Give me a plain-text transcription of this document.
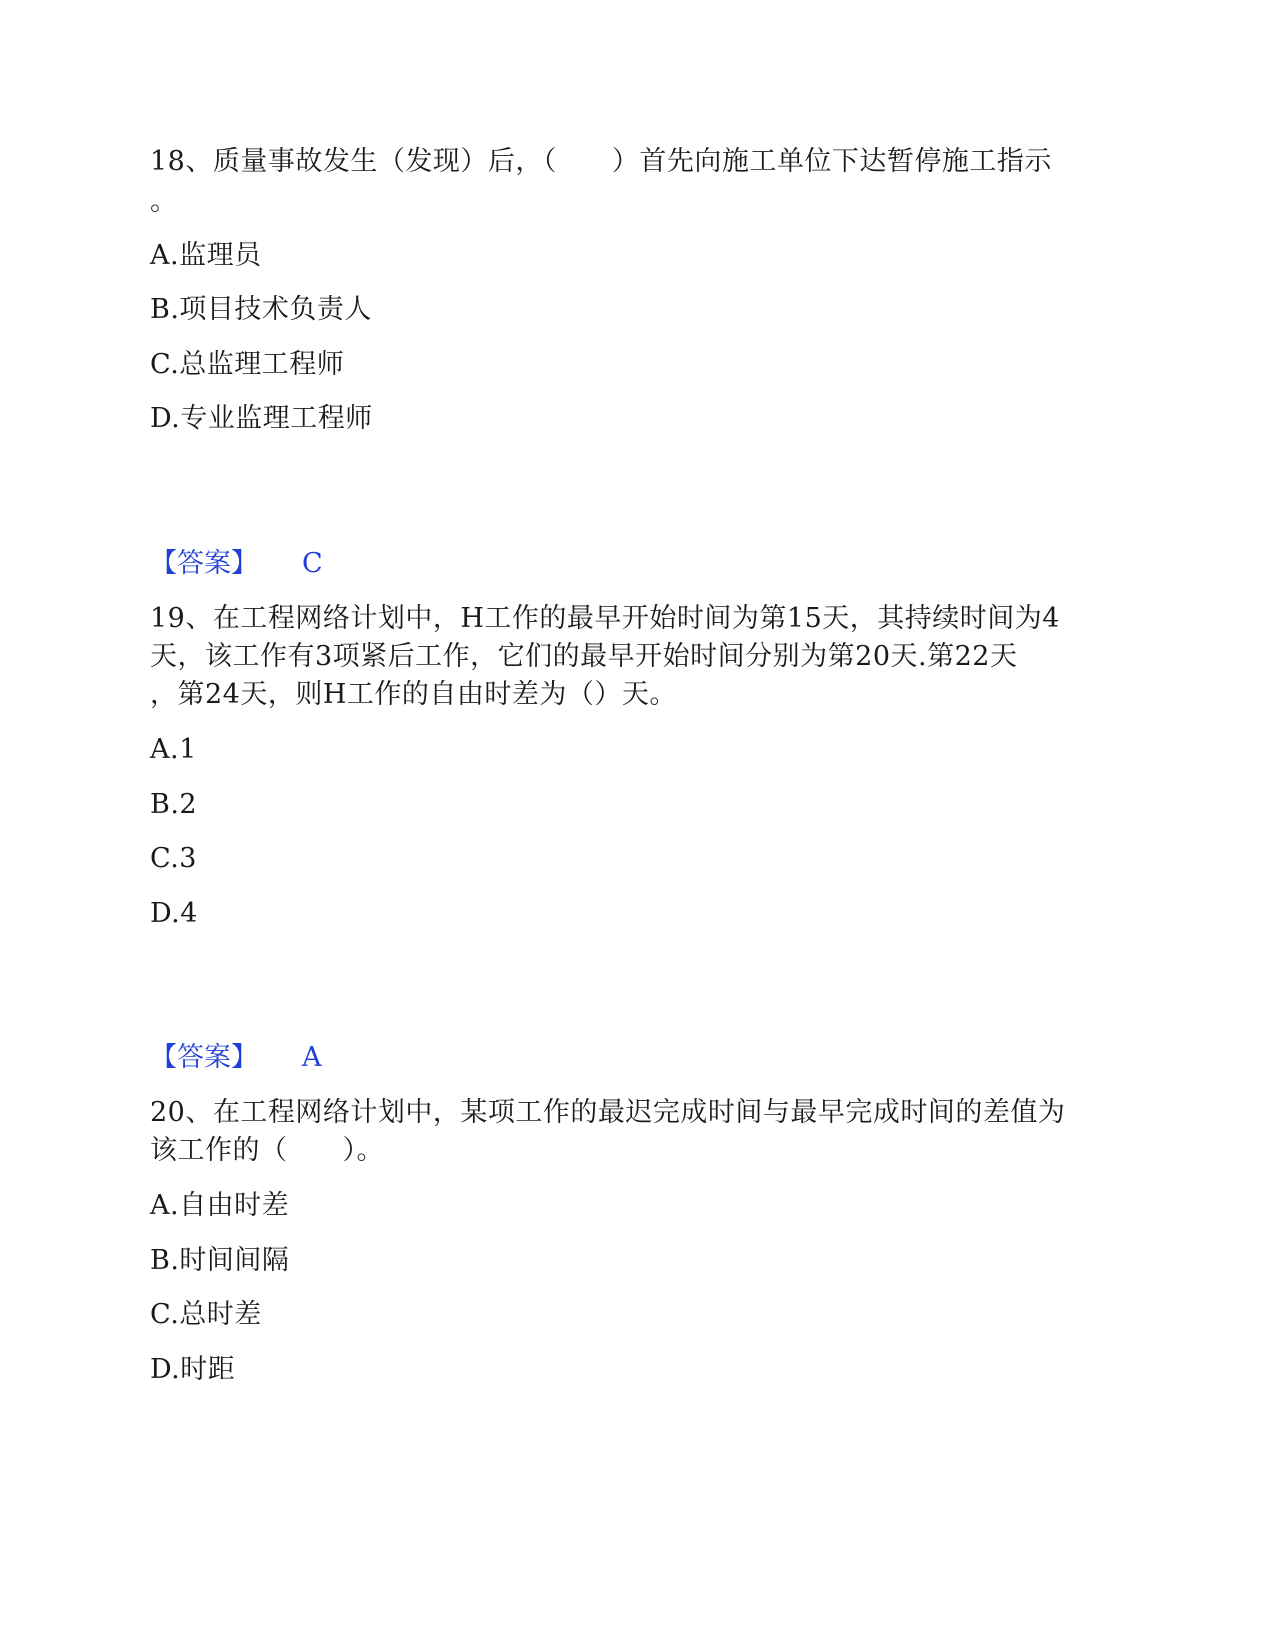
18、质量事故发生（发现）后，（　　）首先向施工单位下达暂停施工指示
。
A.监理员
B.项目技术负责人
C.总监理工程师
D.专业监理工程师
【答案】 C
19、在工程网络计划中，H工作的最早开始时间为第15天，其持续时间为4
天，该工作有3项紧后工作，它们的最早开始时间分别为第20天.第22天
，第24天，则H工作的自由时差为（）天。
A.1
B.2
C.3
D.4
【答案】 A
20、在工程网络计划中，某项工作的最迟完成时间与最早完成时间的差值为
该工作的（　　）。
A.自由时差
B.时间间隔
C.总时差
D.时距
